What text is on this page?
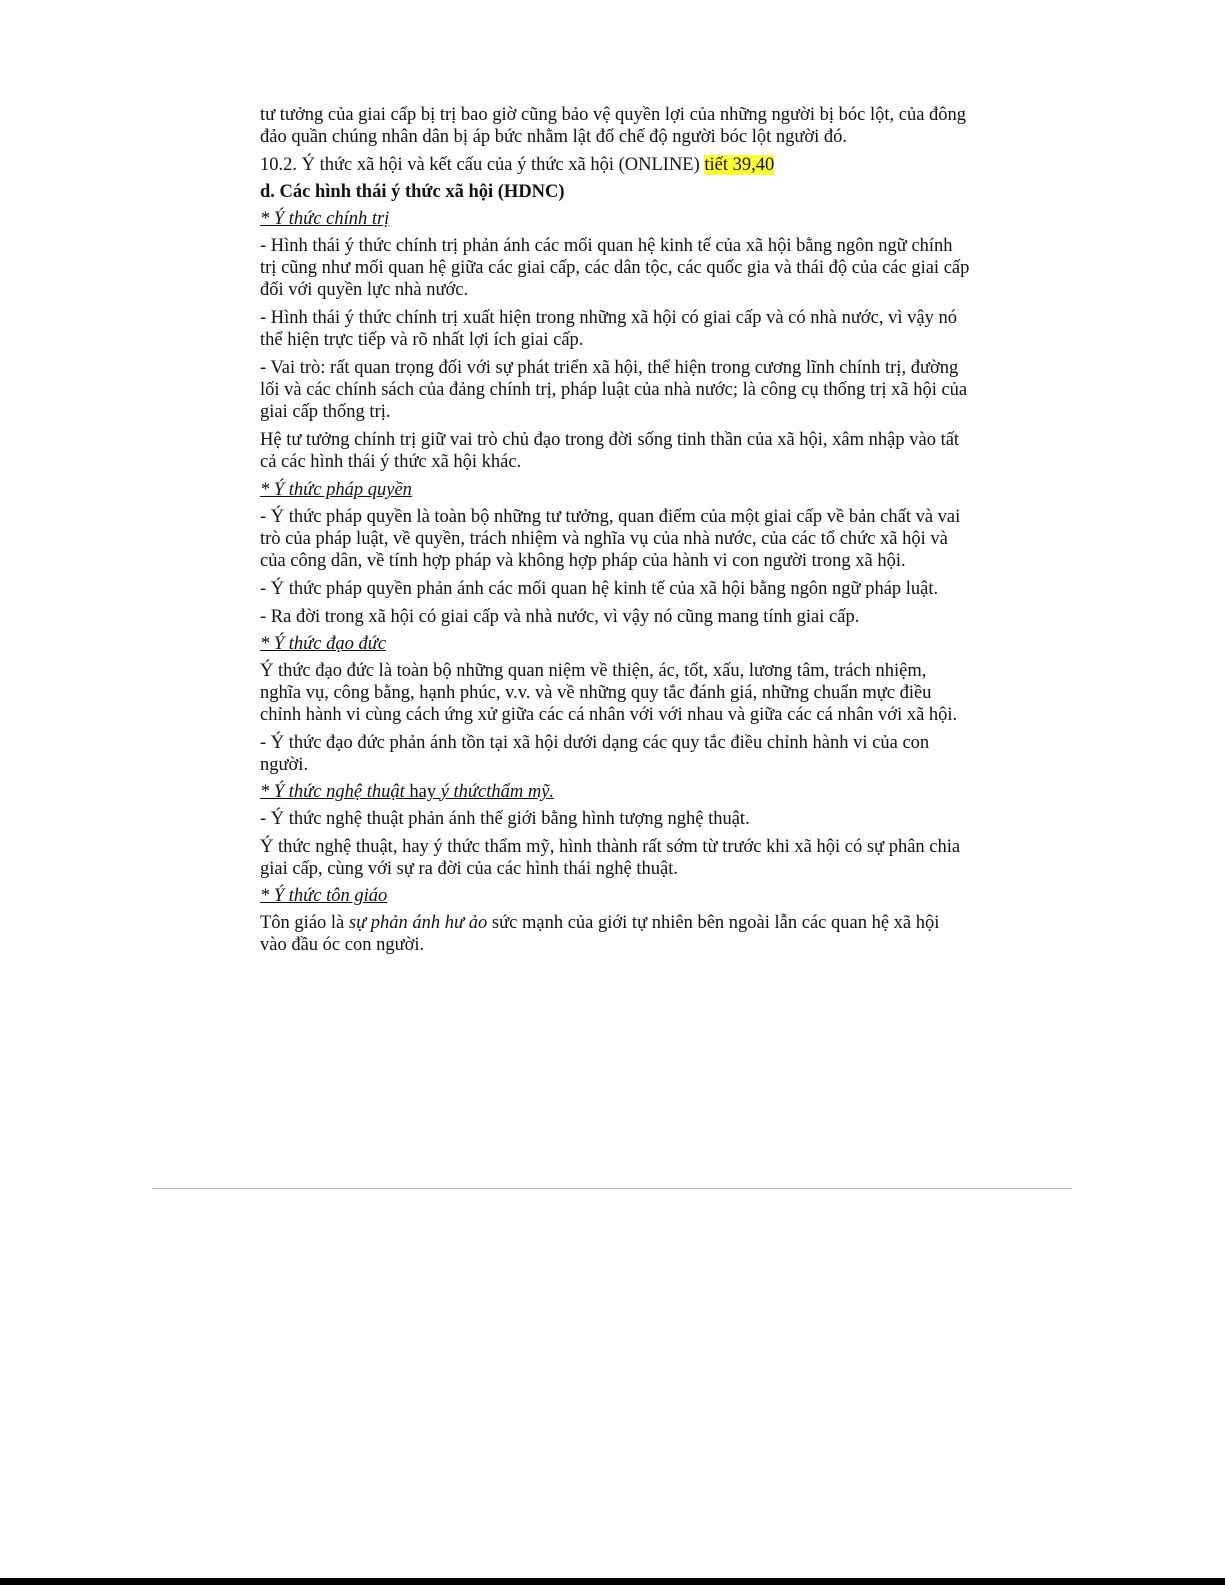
tư tưởng của giai cấp bị trị bao giờ cũng bảo vệ quyền lợi của những người bị bóc lột, của đông đảo quần chúng nhân dân bị áp bức nhằm lật đổ chế độ người bóc lột người đó.

10.2. Ý thức xã hội và kết cấu của ý thức xã hội (ONLINE) tiết 39,40

d. Các hình thái ý thức xã hội (HDNC)

* Ý thức chính trị

- Hình thái ý thức chính trị phản ánh các mối quan hệ kinh tế của xã hội bằng ngôn ngữ chính trị cũng như mối quan hệ giữa các giai cấp, các dân tộc, các quốc gia và thái độ của các giai cấp đối với quyền lực nhà nước.

- Hình thái ý thức chính trị xuất hiện trong những xã hội có giai cấp và có nhà nước, vì vậy nó thể hiện trực tiếp và rõ nhất lợi ích giai cấp.

- Vai trò: rất quan trọng đối với sự phát triển xã hội, thể hiện trong cương lĩnh chính trị, đường lối và các chính sách của đảng chính trị, pháp luật của nhà nước; là công cụ thống trị xã hội của giai cấp thống trị.

Hệ tư tưởng chính trị giữ vai trò chủ đạo trong đời sống tinh thần của xã hội, xâm nhập vào tất cả các hình thái ý thức xã hội khác.

* Ý thức pháp quyền

- Ý thức pháp quyền là toàn bộ những tư tưởng, quan điểm của một giai cấp về bản chất và vai trò của pháp luật, về quyền, trách nhiệm và nghĩa vụ của nhà nước, của các tổ chức xã hội và của công dân, về tính hợp pháp và không hợp pháp của hành vi con người trong xã hội.

- Ý thức pháp quyền phản ánh các mối quan hệ kinh tế của xã hội bằng ngôn ngữ pháp luật.

- Ra đời trong xã hội có giai cấp và nhà nước, vì vậy nó cũng mang tính giai cấp.

* Ý thức đạo đức

Ý thức đạo đức là toàn bộ những quan niệm về thiện, ác, tốt, xấu, lương tâm, trách nhiệm, nghĩa vụ, công bằng, hạnh phúc, v.v. và về những quy tắc đánh giá, những chuẩn mực điều chỉnh hành vi cùng cách ứng xử giữa các cá nhân với với nhau và giữa các cá nhân với xã hội.

- Ý thức đạo đức phản ánh tồn tại xã hội dưới dạng các quy tắc điều chỉnh hành vi của con người.

* Ý thức nghệ thuật hay ý thứcthẩm mỹ.

- Ý thức nghệ thuật phản ánh thế giới bằng hình tượng nghệ thuật.

Ý thức nghệ thuật, hay ý thức thẩm mỹ, hình thành rất sớm từ trước khi xã hội có sự phân chia giai cấp, cùng với sự ra đời của các hình thái nghệ thuật.

* Ý thức tôn giáo

Tôn giáo là sự phản ánh hư ảo sức mạnh của giới tự nhiên bên ngoài lẫn các quan hệ xã hội vào đầu óc con người.
